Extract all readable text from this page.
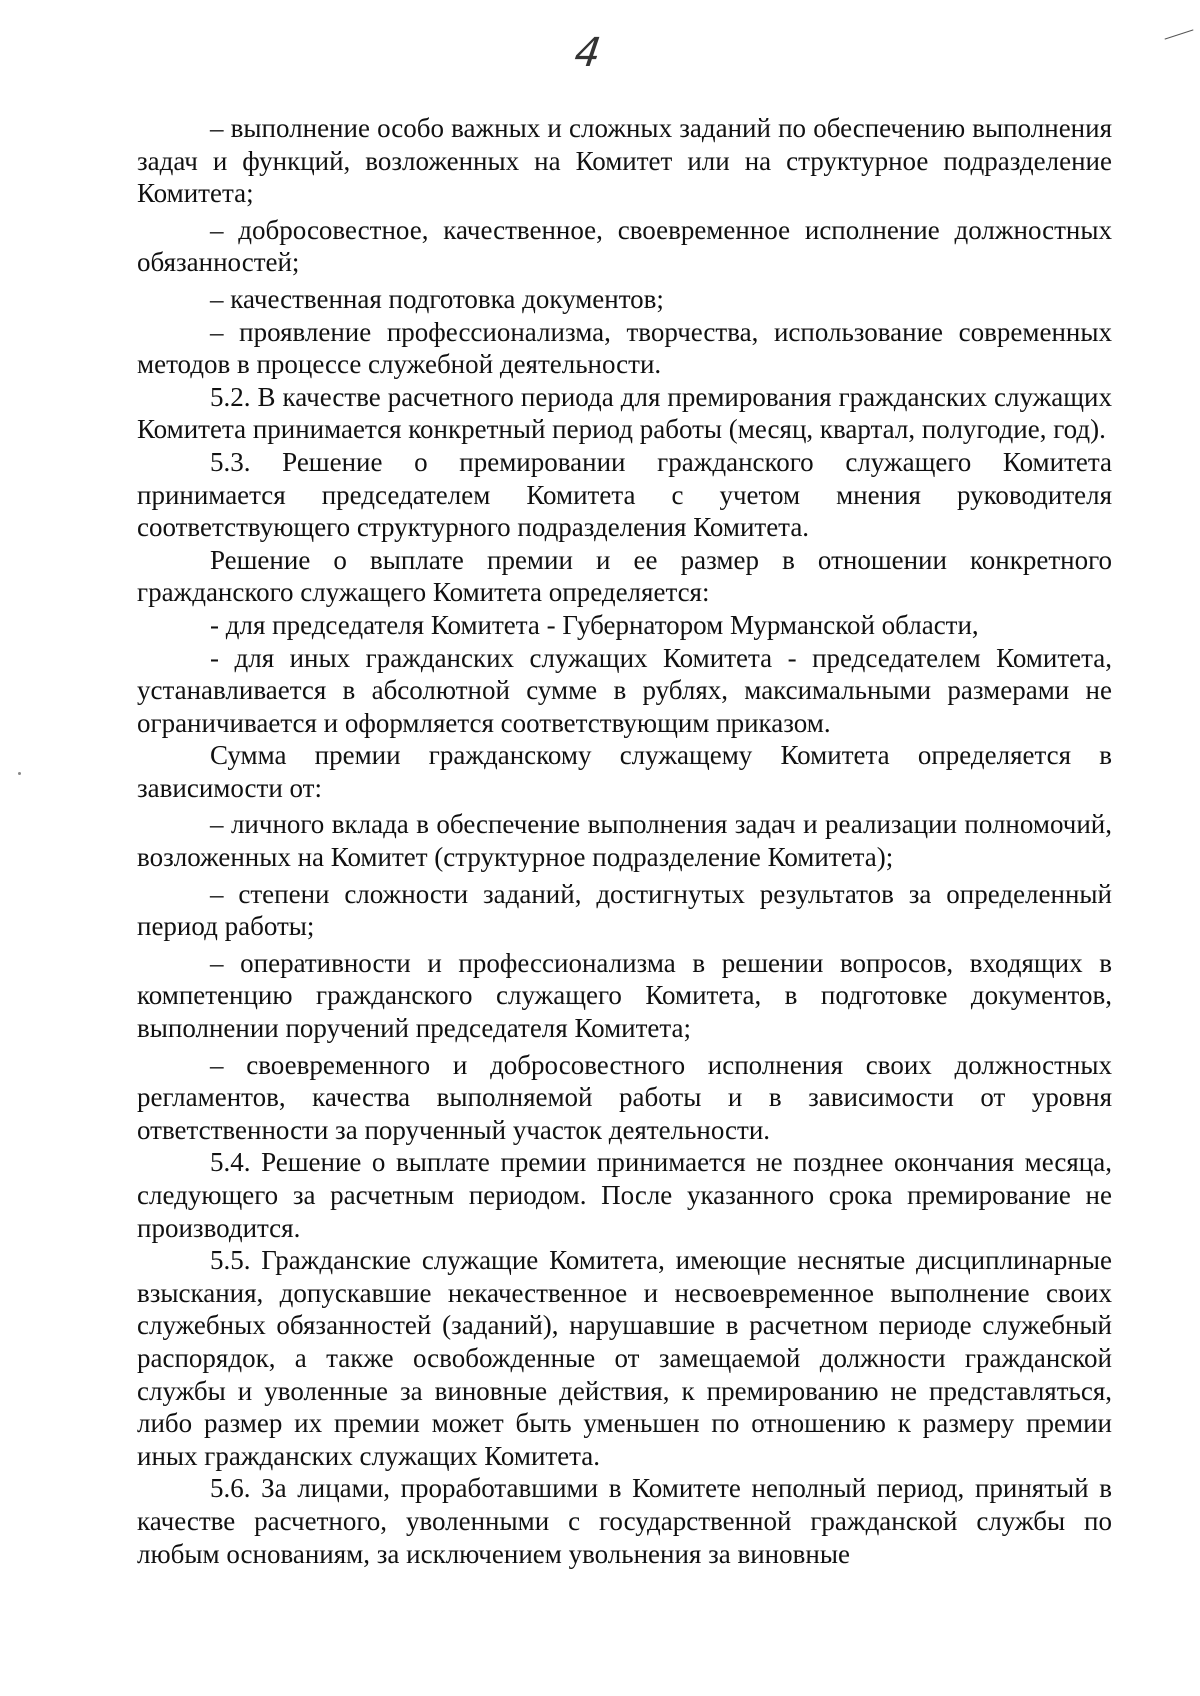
4

– выполнение особо важных и сложных заданий по обеспечению выполнения задач и функций, возложенных на Комитет или на структурное подразделение Комитета;

– добросовестное, качественное, своевременное исполнение должностных обязанностей;

– качественная подготовка документов;

– проявление профессионализма, творчества, использование современных методов в процессе служебной деятельности.

5.2. В качестве расчетного периода для премирования гражданских служащих Комитета принимается конкретный период работы (месяц, квартал, полугодие, год).

5.3. Решение о премировании гражданского служащего Комитета принимается председателем Комитета с учетом мнения руководителя соответствующего структурного подразделения Комитета.

Решение о выплате премии и ее размер в отношении конкретного гражданского служащего Комитета определяется:

- для председателя Комитета - Губернатором Мурманской области,

- для иных гражданских служащих Комитета - председателем Комитета, устанавливается в абсолютной сумме в рублях, максимальными размерами не ограничивается и оформляется соответствующим приказом.

Сумма премии гражданскому служащему Комитета определяется в зависимости от:

– личного вклада в обеспечение выполнения задач и реализации полномочий, возложенных на Комитет (структурное подразделение Комитета);

– степени сложности заданий, достигнутых результатов за определенный период работы;

– оперативности и профессионализма в решении вопросов, входящих в компетенцию гражданского служащего Комитета, в подготовке документов, выполнении поручений председателя Комитета;

– своевременного и добросовестного исполнения своих должностных регламентов, качества выполняемой работы и в зависимости от уровня ответственности за порученный участок деятельности.

5.4. Решение о выплате премии принимается не позднее окончания месяца, следующего за расчетным периодом. После указанного срока премирование не производится.

5.5. Гражданские служащие Комитета, имеющие неснятые дисциплинарные взыскания, допускавшие некачественное и несвоевременное выполнение своих служебных обязанностей (заданий), нарушавшие в расчетном периоде служебный распорядок, а также освобожденные от замещаемой должности гражданской службы и уволенные за виновные действия, к премированию не представляться, либо размер их премии может быть уменьшен по отношению к размеру премии иных гражданских служащих Комитета.

5.6. За лицами, проработавшими в Комитете неполный период, принятый в качестве расчетного, уволенными с государственной гражданской службы по любым основаниям, за исключением увольнения за виновные
